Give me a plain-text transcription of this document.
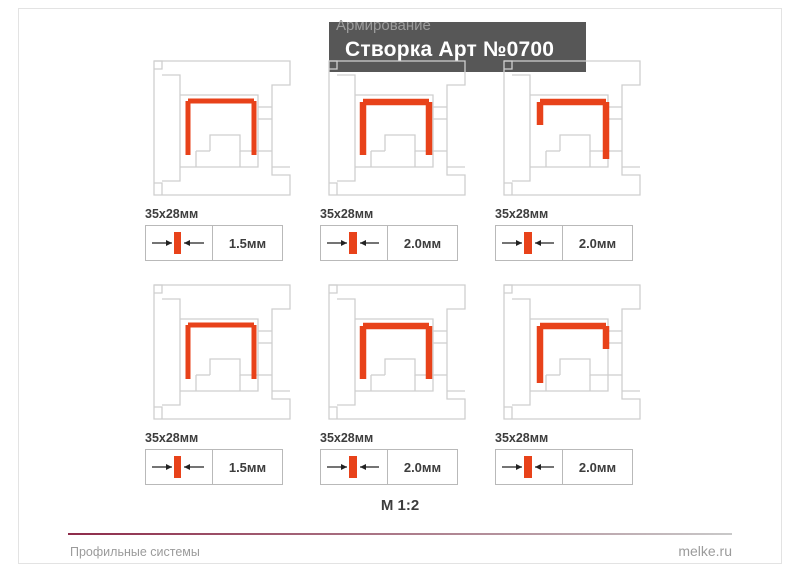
Армирование
Створка Арт №0700
35x28мм
1.5мм
35x28мм
2.0мм
35x28мм
2.0мм
35x28мм
1.5мм
35x28мм
2.0мм
35x28мм
2.0мм
М 1:2
Профильные системы	melke.ru
